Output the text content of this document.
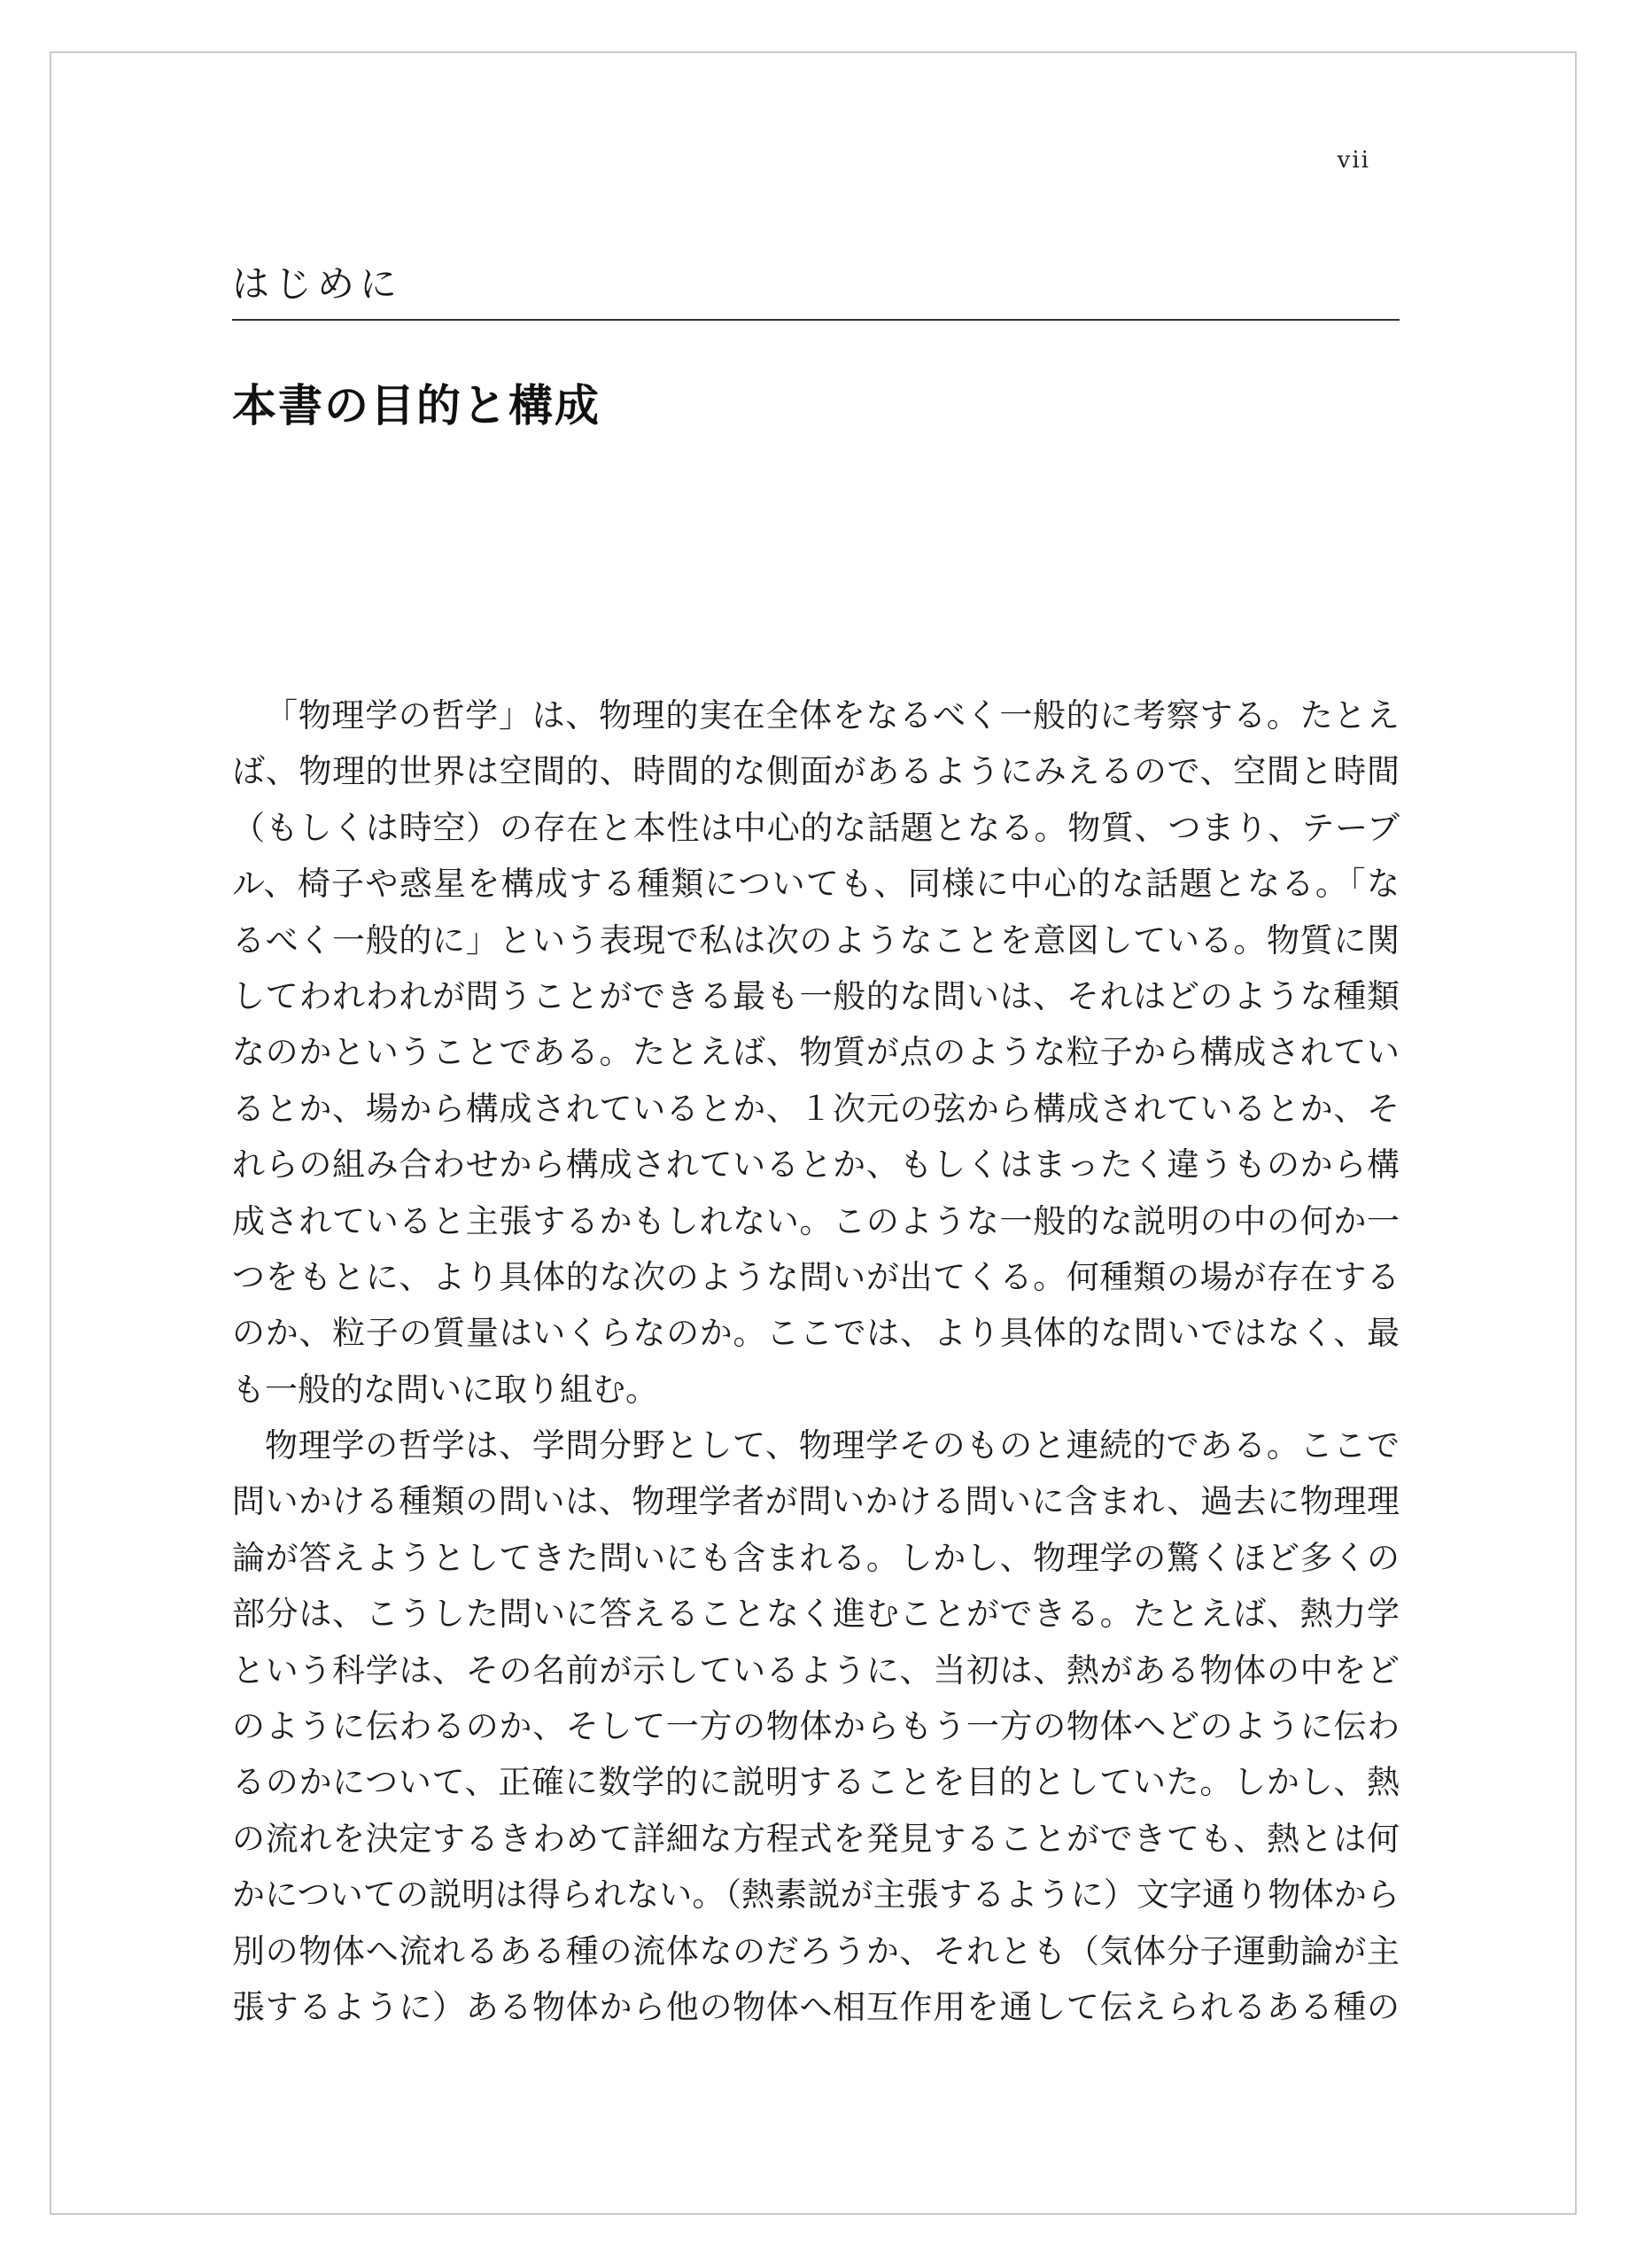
vii
はじめに
本書の目的と構成
「物理学の哲学」は、物理的実在全体をなるべく一般的に考察する。たとえ
ば、物理的世界は空間的、時間的な側面があるようにみえるので、空間と時間
（もしくは時空）の存在と本性は中心的な話題となる。物質、つまり、テーブ
ル、椅子や惑星を構成する種類についても、同様に中心的な話題となる。「な
るべく一般的に」という表現で私は次のようなことを意図している。物質に関
してわれわれが問うことができる最も一般的な問いは、それはどのような種類
なのかということである。たとえば、物質が点のような粒子から構成されてい
るとか、場から構成されているとか、１次元の弦から構成されているとか、そ
れらの組み合わせから構成されているとか、もしくはまったく違うものから構
成されていると主張するかもしれない。このような一般的な説明の中の何か一
つをもとに、より具体的な次のような問いが出てくる。何種類の場が存在する
のか、粒子の質量はいくらなのか。ここでは、より具体的な問いではなく、最
も一般的な問いに取り組む。
物理学の哲学は、学問分野として、物理学そのものと連続的である。ここで
問いかける種類の問いは、物理学者が問いかける問いに含まれ、過去に物理理
論が答えようとしてきた問いにも含まれる。しかし、物理学の驚くほど多くの
部分は、こうした問いに答えることなく進むことができる。たとえば、熱力学
という科学は、その名前が示しているように、当初は、熱がある物体の中をど
のように伝わるのか、そして一方の物体からもう一方の物体へどのように伝わ
るのかについて、正確に数学的に説明することを目的としていた。しかし、熱
の流れを決定するきわめて詳細な方程式を発見することができても、熱とは何
かについての説明は得られない。（熱素説が主張するように）文字通り物体から
別の物体へ流れるある種の流体なのだろうか、それとも（気体分子運動論が主
張するように）ある物体から他の物体へ相互作用を通して伝えられるある種の
